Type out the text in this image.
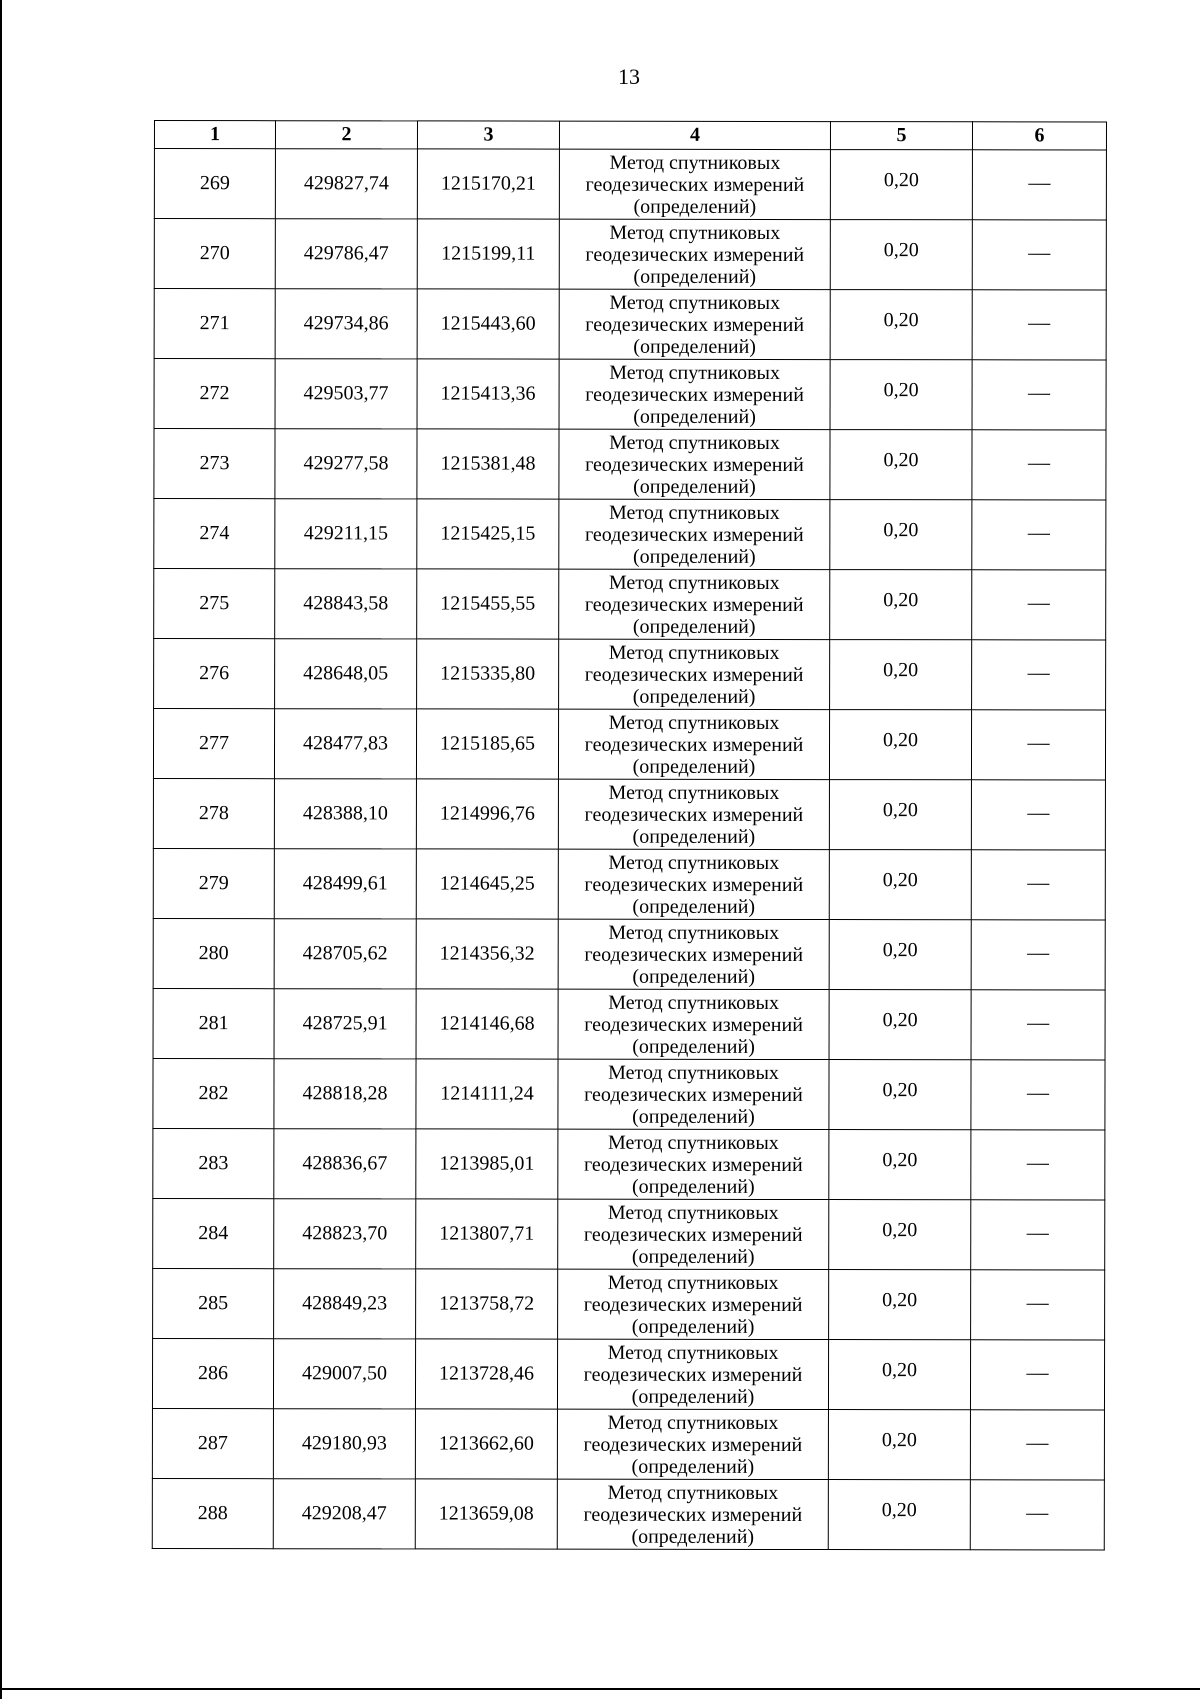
13
1	2	3	4	5	6
269	429827,74	1215170,21	Метод спутниковых
геодезических измерений
(определений)	0,20	—
270	429786,47	1215199,11	Метод спутниковых
геодезических измерений
(определений)	0,20	—
271	429734,86	1215443,60	Метод спутниковых
геодезических измерений
(определений)	0,20	—
272	429503,77	1215413,36	Метод спутниковых
геодезических измерений
(определений)	0,20	—
273	429277,58	1215381,48	Метод спутниковых
геодезических измерений
(определений)	0,20	—
274	429211,15	1215425,15	Метод спутниковых
геодезических измерений
(определений)	0,20	—
275	428843,58	1215455,55	Метод спутниковых
геодезических измерений
(определений)	0,20	—
276	428648,05	1215335,80	Метод спутниковых
геодезических измерений
(определений)	0,20	—
277	428477,83	1215185,65	Метод спутниковых
геодезических измерений
(определений)	0,20	—
278	428388,10	1214996,76	Метод спутниковых
геодезических измерений
(определений)	0,20	—
279	428499,61	1214645,25	Метод спутниковых
геодезических измерений
(определений)	0,20	—
280	428705,62	1214356,32	Метод спутниковых
геодезических измерений
(определений)	0,20	—
281	428725,91	1214146,68	Метод спутниковых
геодезических измерений
(определений)	0,20	—
282	428818,28	1214111,24	Метод спутниковых
геодезических измерений
(определений)	0,20	—
283	428836,67	1213985,01	Метод спутниковых
геодезических измерений
(определений)	0,20	—
284	428823,70	1213807,71	Метод спутниковых
геодезических измерений
(определений)	0,20	—
285	428849,23	1213758,72	Метод спутниковых
геодезических измерений
(определений)	0,20	—
286	429007,50	1213728,46	Метод спутниковых
геодезических измерений
(определений)	0,20	—
287	429180,93	1213662,60	Метод спутниковых
геодезических измерений
(определений)	0,20	—
288	429208,47	1213659,08	Метод спутниковых
геодезических измерений
(определений)	0,20	—
